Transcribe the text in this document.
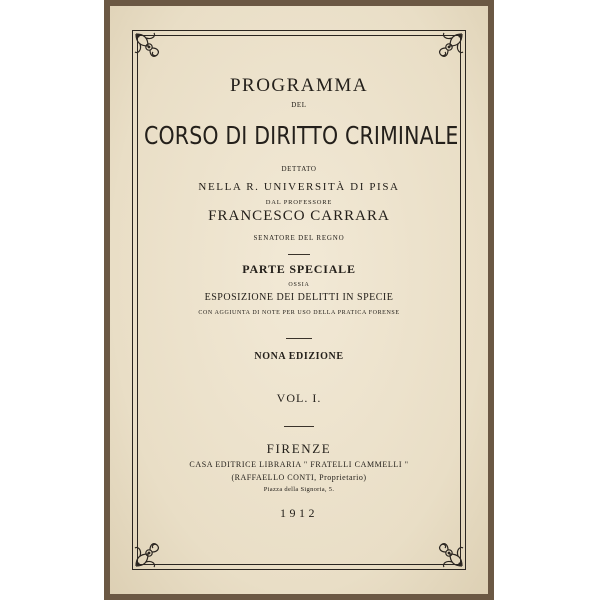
PROGRAMMA
DEL
CORSO DI DIRITTO CRIMINALE
DETTATO
NELLA R. UNIVERSITÀ DI PISA
DAL PROFESSORE
FRANCESCO CARRARA
SENATORE DEL REGNO
PARTE SPECIALE
OSSIA
ESPOSIZIONE DEI DELITTI IN SPECIE
CON AGGIUNTA DI NOTE PER USO DELLA PRATICA FORENSE
NONA EDIZIONE
VOL. I.
FIRENZE
CASA EDITRICE LIBRARIA " FRATELLI CAMMELLI "
(RAFFAELLO CONTI, Proprietario)
Piazza della Signoria, 5.
1912
